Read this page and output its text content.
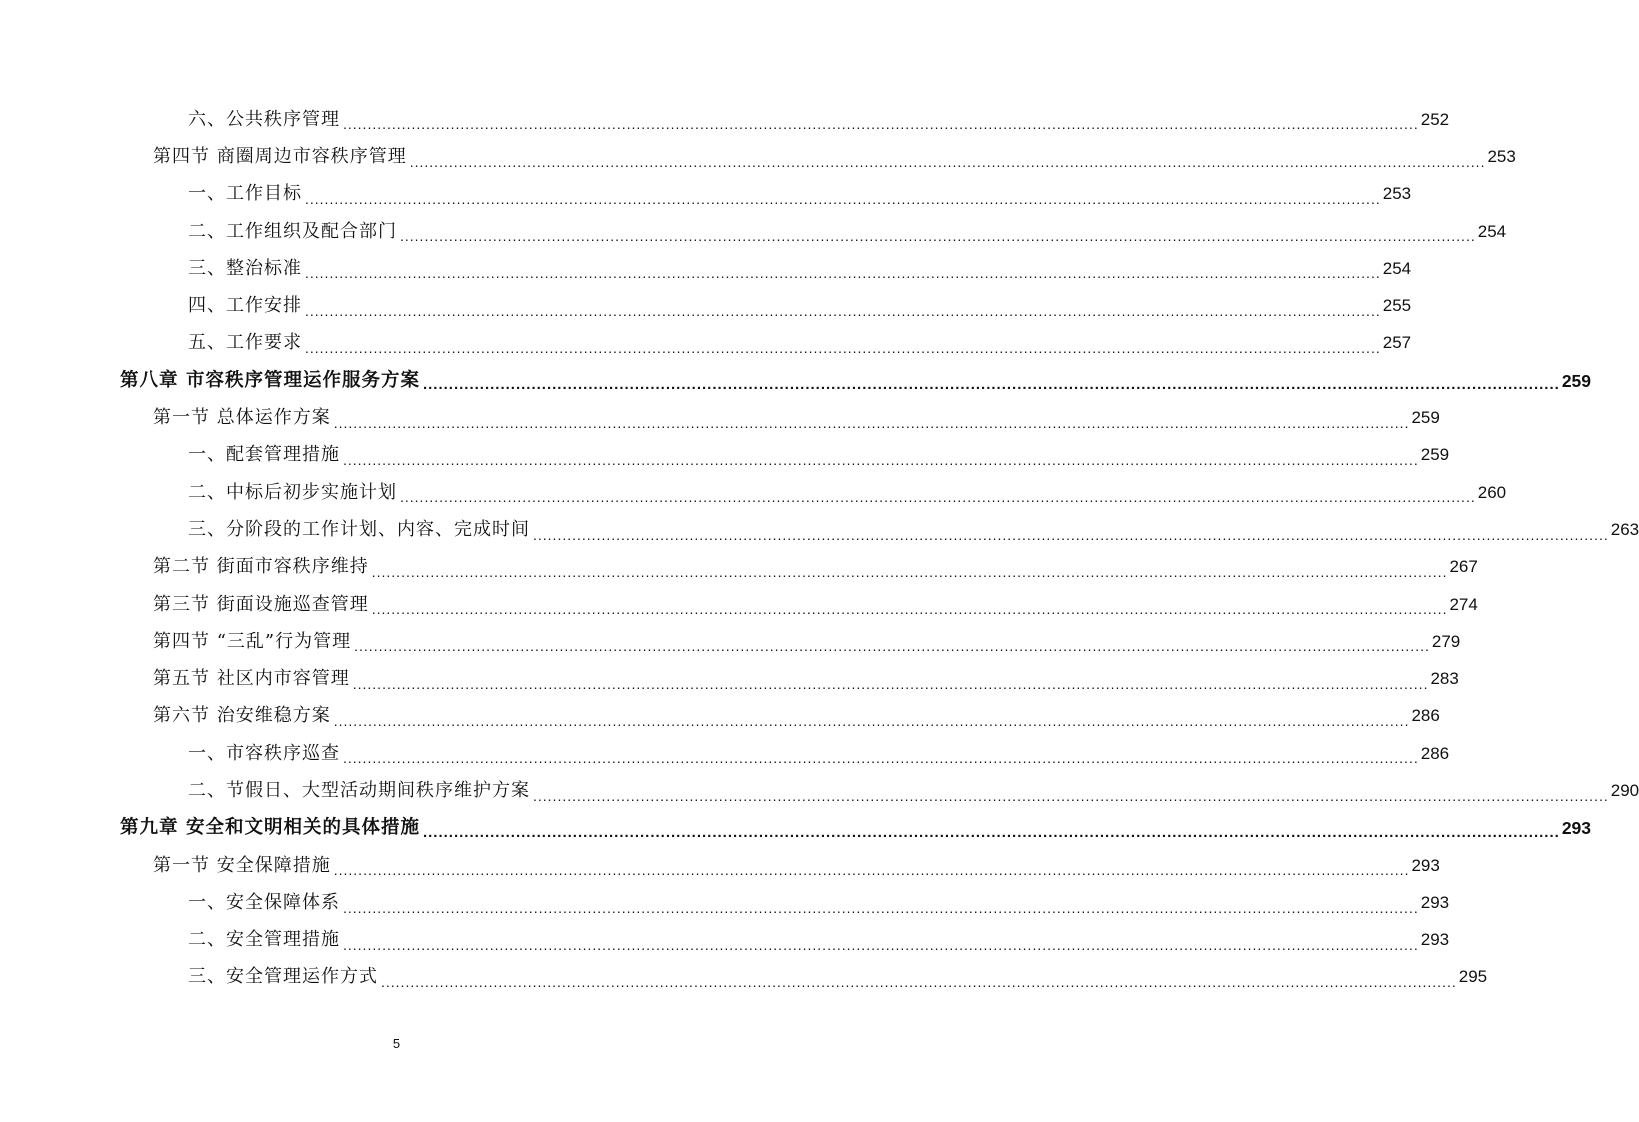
六、公共秩序管理 ............................................................................................................................................................................................................................ 252
第四节 商圈周边市容秩序管理 ............................................................................................................................................................................................................................ 253
一、工作目标 ............................................................................................................................................................................................................................ 253
二、工作组织及配合部门 ............................................................................................................................................................................................................................ 254
三、整治标准 ............................................................................................................................................................................................................................ 254
四、工作安排 ............................................................................................................................................................................................................................ 255
五、工作要求 ............................................................................................................................................................................................................................ 257
第八章 市容秩序管理运作服务方案 ............................................................................................................................................................................................................................ 259
第一节 总体运作方案 ............................................................................................................................................................................................................................ 259
一、配套管理措施 ............................................................................................................................................................................................................................ 259
二、中标后初步实施计划 ............................................................................................................................................................................................................................ 260
三、分阶段的工作计划、内容、完成时间 ............................................................................................................................................................................................................................ 263
第二节 街面市容秩序维持 ............................................................................................................................................................................................................................ 267
第三节 街面设施巡查管理 ............................................................................................................................................................................................................................ 274
第四节 “三乱”行为管理 ............................................................................................................................................................................................................................ 279
第五节 社区内市容管理 ............................................................................................................................................................................................................................ 283
第六节 治安维稳方案 ............................................................................................................................................................................................................................ 286
一、市容秩序巡查 ............................................................................................................................................................................................................................ 286
二、节假日、大型活动期间秩序维护方案 ............................................................................................................................................................................................................................ 290
第九章 安全和文明相关的具体措施 ............................................................................................................................................................................................................................ 293
第一节 安全保障措施 ............................................................................................................................................................................................................................ 293
一、安全保障体系 ............................................................................................................................................................................................................................ 293
二、安全管理措施 ............................................................................................................................................................................................................................ 293
三、安全管理运作方式 ............................................................................................................................................................................................................................ 295
5
